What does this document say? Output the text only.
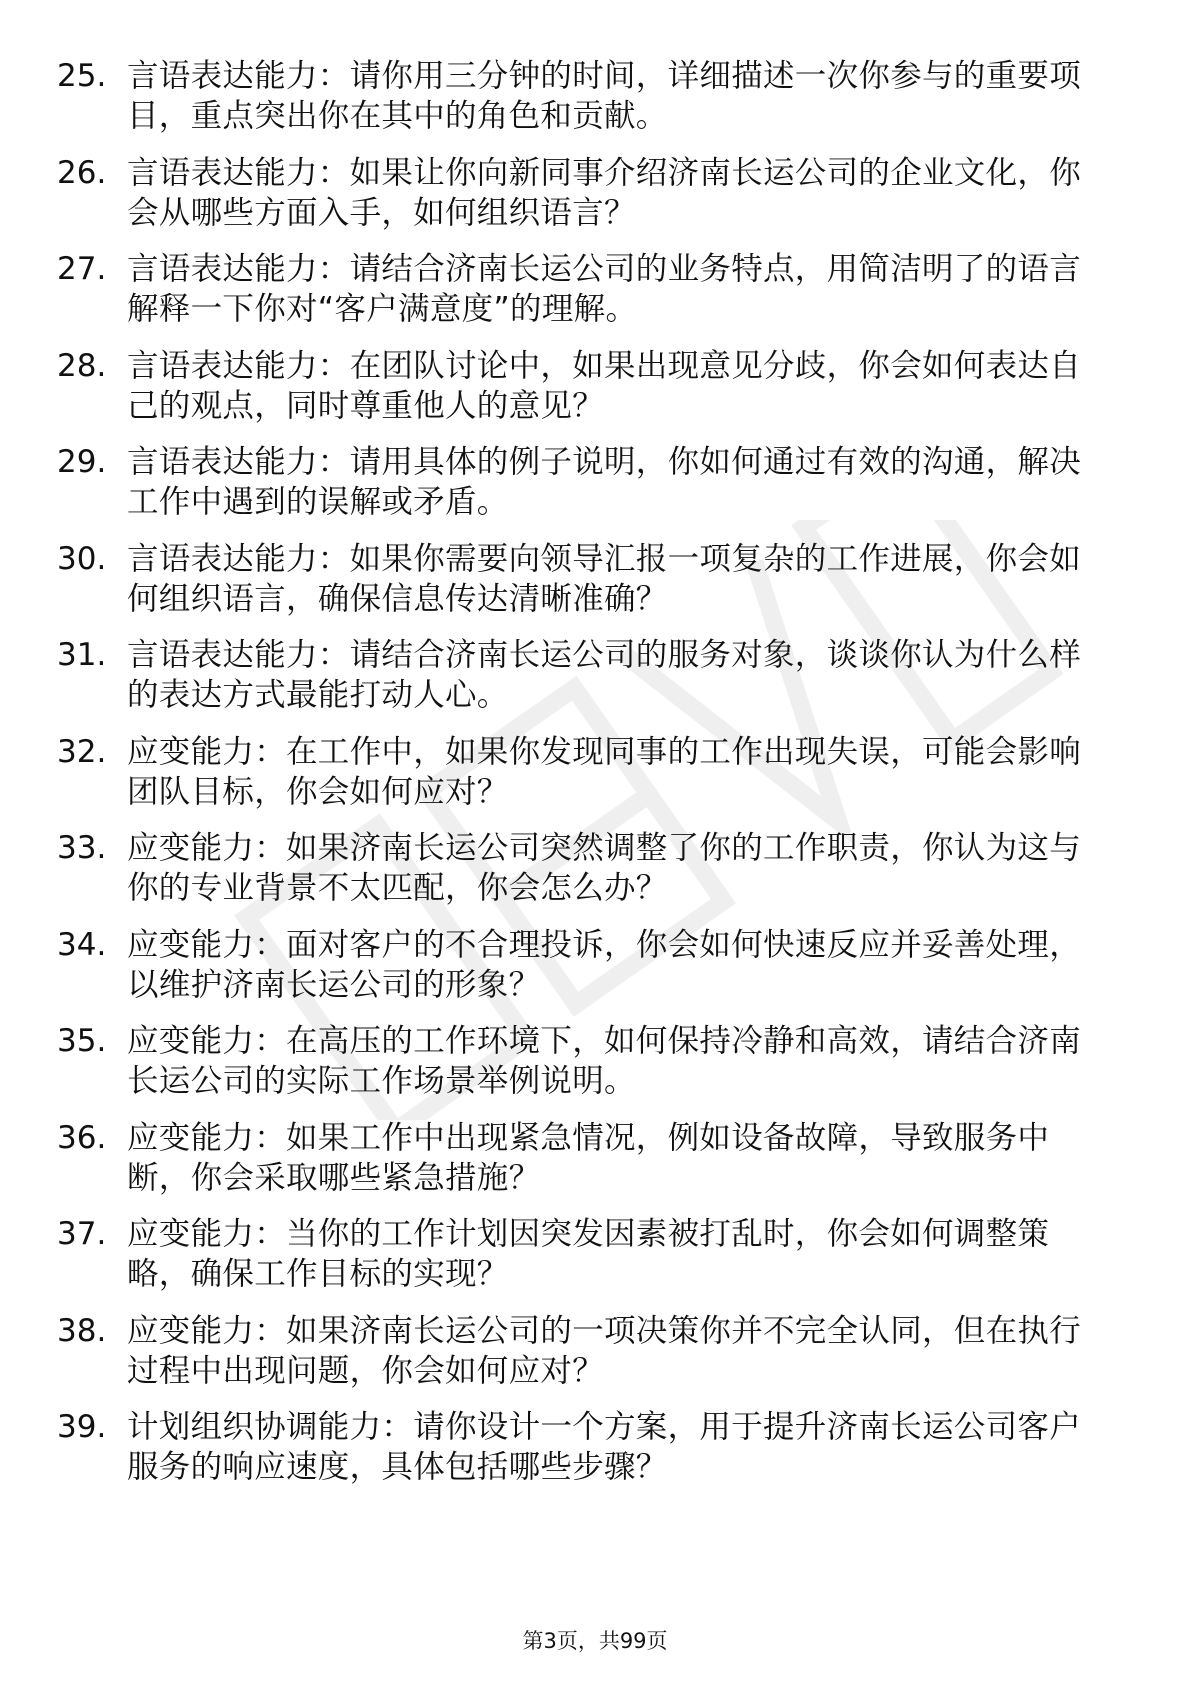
25. 言语表达能力：请你用三分钟的时间，详细描述一次你参与的重要项目，重点突出你在其中的角色和贡献。
26. 言语表达能力：如果让你向新同事介绍济南长运公司的企业文化，你会从哪些方面入手，如何组织语言？
27. 言语表达能力：请结合济南长运公司的业务特点，用简洁明了的语言解释一下你对“客户满意度”的理解。
28. 言语表达能力：在团队讨论中，如果出现意见分歧，你会如何表达自己的观点，同时尊重他人的意见？
29. 言语表达能力：请用具体的例子说明，你如何通过有效的沟通，解决工作中遇到的误解或矛盾。
30. 言语表达能力：如果你需要向领导汇报一项复杂的工作进展，你会如何组织语言，确保信息传达清晰准确？
31. 言语表达能力：请结合济南长运公司的服务对象，谈谈你认为什么样的表达方式最能打动人心。
32. 应变能力：在工作中，如果你发现同事的工作出现失误，可能会影响团队目标，你会如何应对？
33. 应变能力：如果济南长运公司突然调整了你的工作职责，你认为这与你的专业背景不太匹配，你会怎么办？
34. 应变能力：面对客户的不合理投诉，你会如何快速反应并妥善处理，以维护济南长运公司的形象？
35. 应变能力：在高压的工作环境下，如何保持冷静和高效，请结合济南长运公司的实际工作场景举例说明。
36. 应变能力：如果工作中出现紧急情况，例如设备故障，导致服务中断，你会采取哪些紧急措施？
37. 应变能力：当你的工作计划因突发因素被打乱时，你会如何调整策略，确保工作目标的实现？
38. 应变能力：如果济南长运公司的一项决策你并不完全认同，但在执行过程中出现问题，你会如何应对？
39. 计划组织协调能力：请你设计一个方案，用于提升济南长运公司客户服务的响应速度，具体包括哪些步骤？
第3页，共99页
